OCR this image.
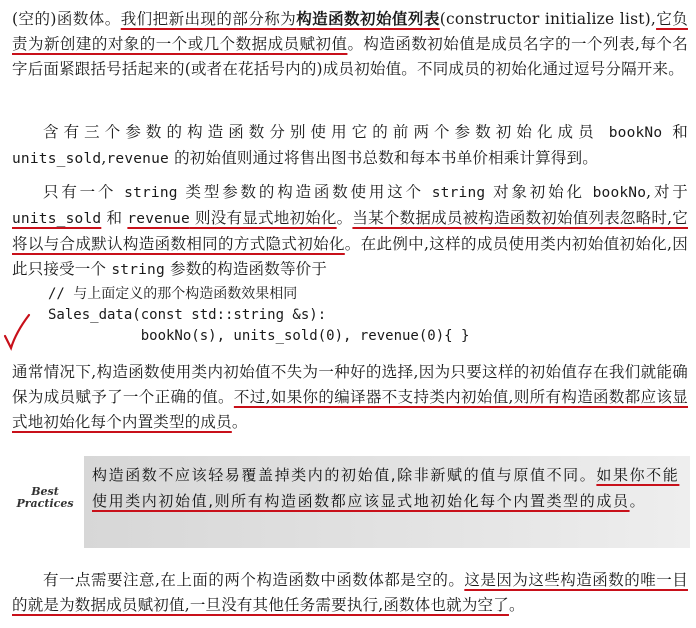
(空的)函数体。我们把新出现的部分称为构造函数初始值列表(constructor initialize list),它负责为新创建的对象的一个或几个数据成员赋初值。构造函数初始值是成员名字的一个列表,每个名字后面紧跟括号括起来的(或者在花括号内的)成员初始值。不同成员的初始化通过逗号分隔开来。
含有三个参数的构造函数分别使用它的前两个参数初始化成员 bookNo 和 units_sold,revenue 的初始值则通过将售出图书总数和每本书单价相乘计算得到。
只有一个 string 类型参数的构造函数使用这个 string 对象初始化 bookNo,对于units_sold 和 revenue 则没有显式地初始化。当某个数据成员被构造函数初始值列表忽略时,它将以与合成默认构造函数相同的方式隐式初始化。在此例中,这样的成员使用类内初始值初始化,因此只接受一个 string 参数的构造函数等价于
// 与上面定义的那个构造函数效果相同
Sales_data(const std::string &s):
bookNo(s), units_sold(0), revenue(0){ }
通常情况下,构造函数使用类内初始值不失为一种好的选择,因为只要这样的初始值存在我们就能确保为成员赋予了一个正确的值。不过,如果你的编译器不支持类内初始值,则所有构造函数都应该显式地初始化每个内置类型的成员。
Best
Practices
构造函数不应该轻易覆盖掉类内的初始值,除非新赋的值与原值不同。如果你不能使用类内初始值,则所有构造函数都应该显式地初始化每个内置类型的成员。
有一点需要注意,在上面的两个构造函数中函数体都是空的。这是因为这些构造函数的唯一目的就是为数据成员赋初值,一旦没有其他任务需要执行,函数体也就为空了。
